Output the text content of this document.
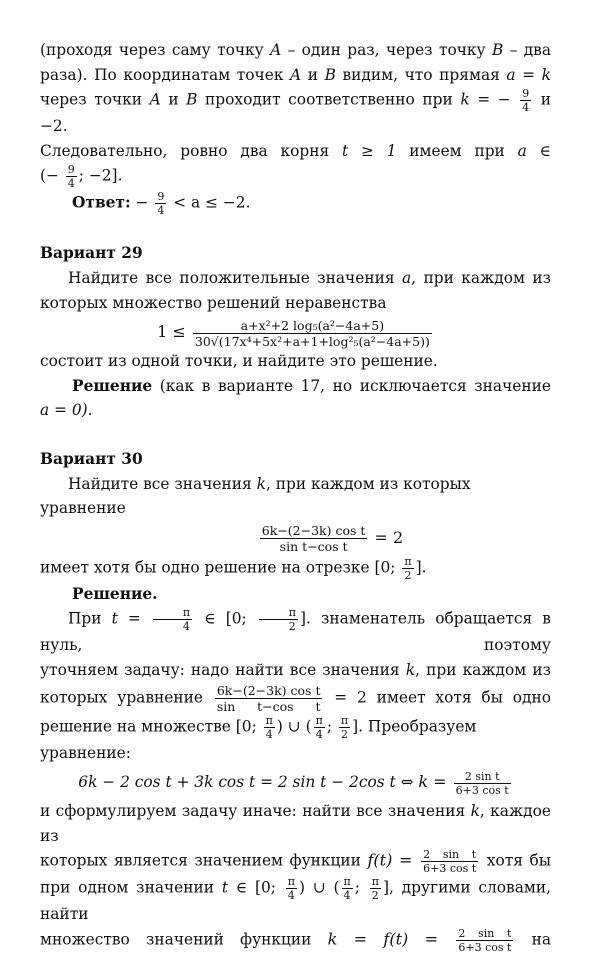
(проходя через саму точку A – один раз, через точку B – два

раза). По координатам точек A и B видим, что прямая a = k

через точки A и B проходит соответственно при k = − $\frac{9}{4}$ и −2.

Следовательно, ровно два корня t ≥ 1 имеем при a ∈

(− $\frac{9}{4}$ ; −2].

Ответ: − $\frac{9}{4} < a \le -2$.

Вариант 29

Найдите все положительные значения a, при каждом из

которых множество решений неравенства

$1 \le \frac{\text{a+x²+2 log₅(a²−4a+5)}}{\text{30√(17x⁴+5x²+a+1+log²₅(a²−4a+5))}}$

состоит из одной точки, и найдите это решение.

Решение (как в варианте 17, но исключается значение

a = 0).

Вариант 30

Найдите все значения k, при каждом из которых уравнение

$\frac{\text{6k−(2−3k) cos t}}{\text{sin t−cos t}} = 2$

имеет хотя бы одно решение на отрезке [0; $\frac{\pi}{2}$ ].

Решение.

При $t = \frac{\pi}{4}$ ∈ [0; $\frac{\pi}{2}$ ]. знаменатель обращается в нуль, поэтому

уточняем задачу: надо найти все значения k, при каждом из

которых уравнение $\frac{\text{6k−(2−3k) cos t}}{\text{sin t−cos t}} = 2$ имеет хотя бы одно

решение на множестве [0; $\frac{\pi}{4}$ ) ∪ ( $\frac{\pi}{4}$ ; $\frac{\pi}{2}$ ]. Преобразуем уравнение:

6k − 2 cos t + 3k cos t = 2 sin t − 2cos t ⇔ $k = \frac{\text{2 sin t}}{\text{6+3 cos t}}$

и сформулируем задачу иначе: найти все значения k, каждое из

которых является значением функции $f(t) = \frac{\text{2 sin t}}{\text{6+3 cos t}}$ хотя бы

при одном значении t ∈ [0; $\frac{\pi}{4}$ ) ∪ ( $\frac{\pi}{4}$ ; $\frac{\pi}{2}$ ], другими словами, найти

множество значений функции $k = f(t) = \frac{\text{2 sin t}}{\text{6+3 cos t}}$ на
